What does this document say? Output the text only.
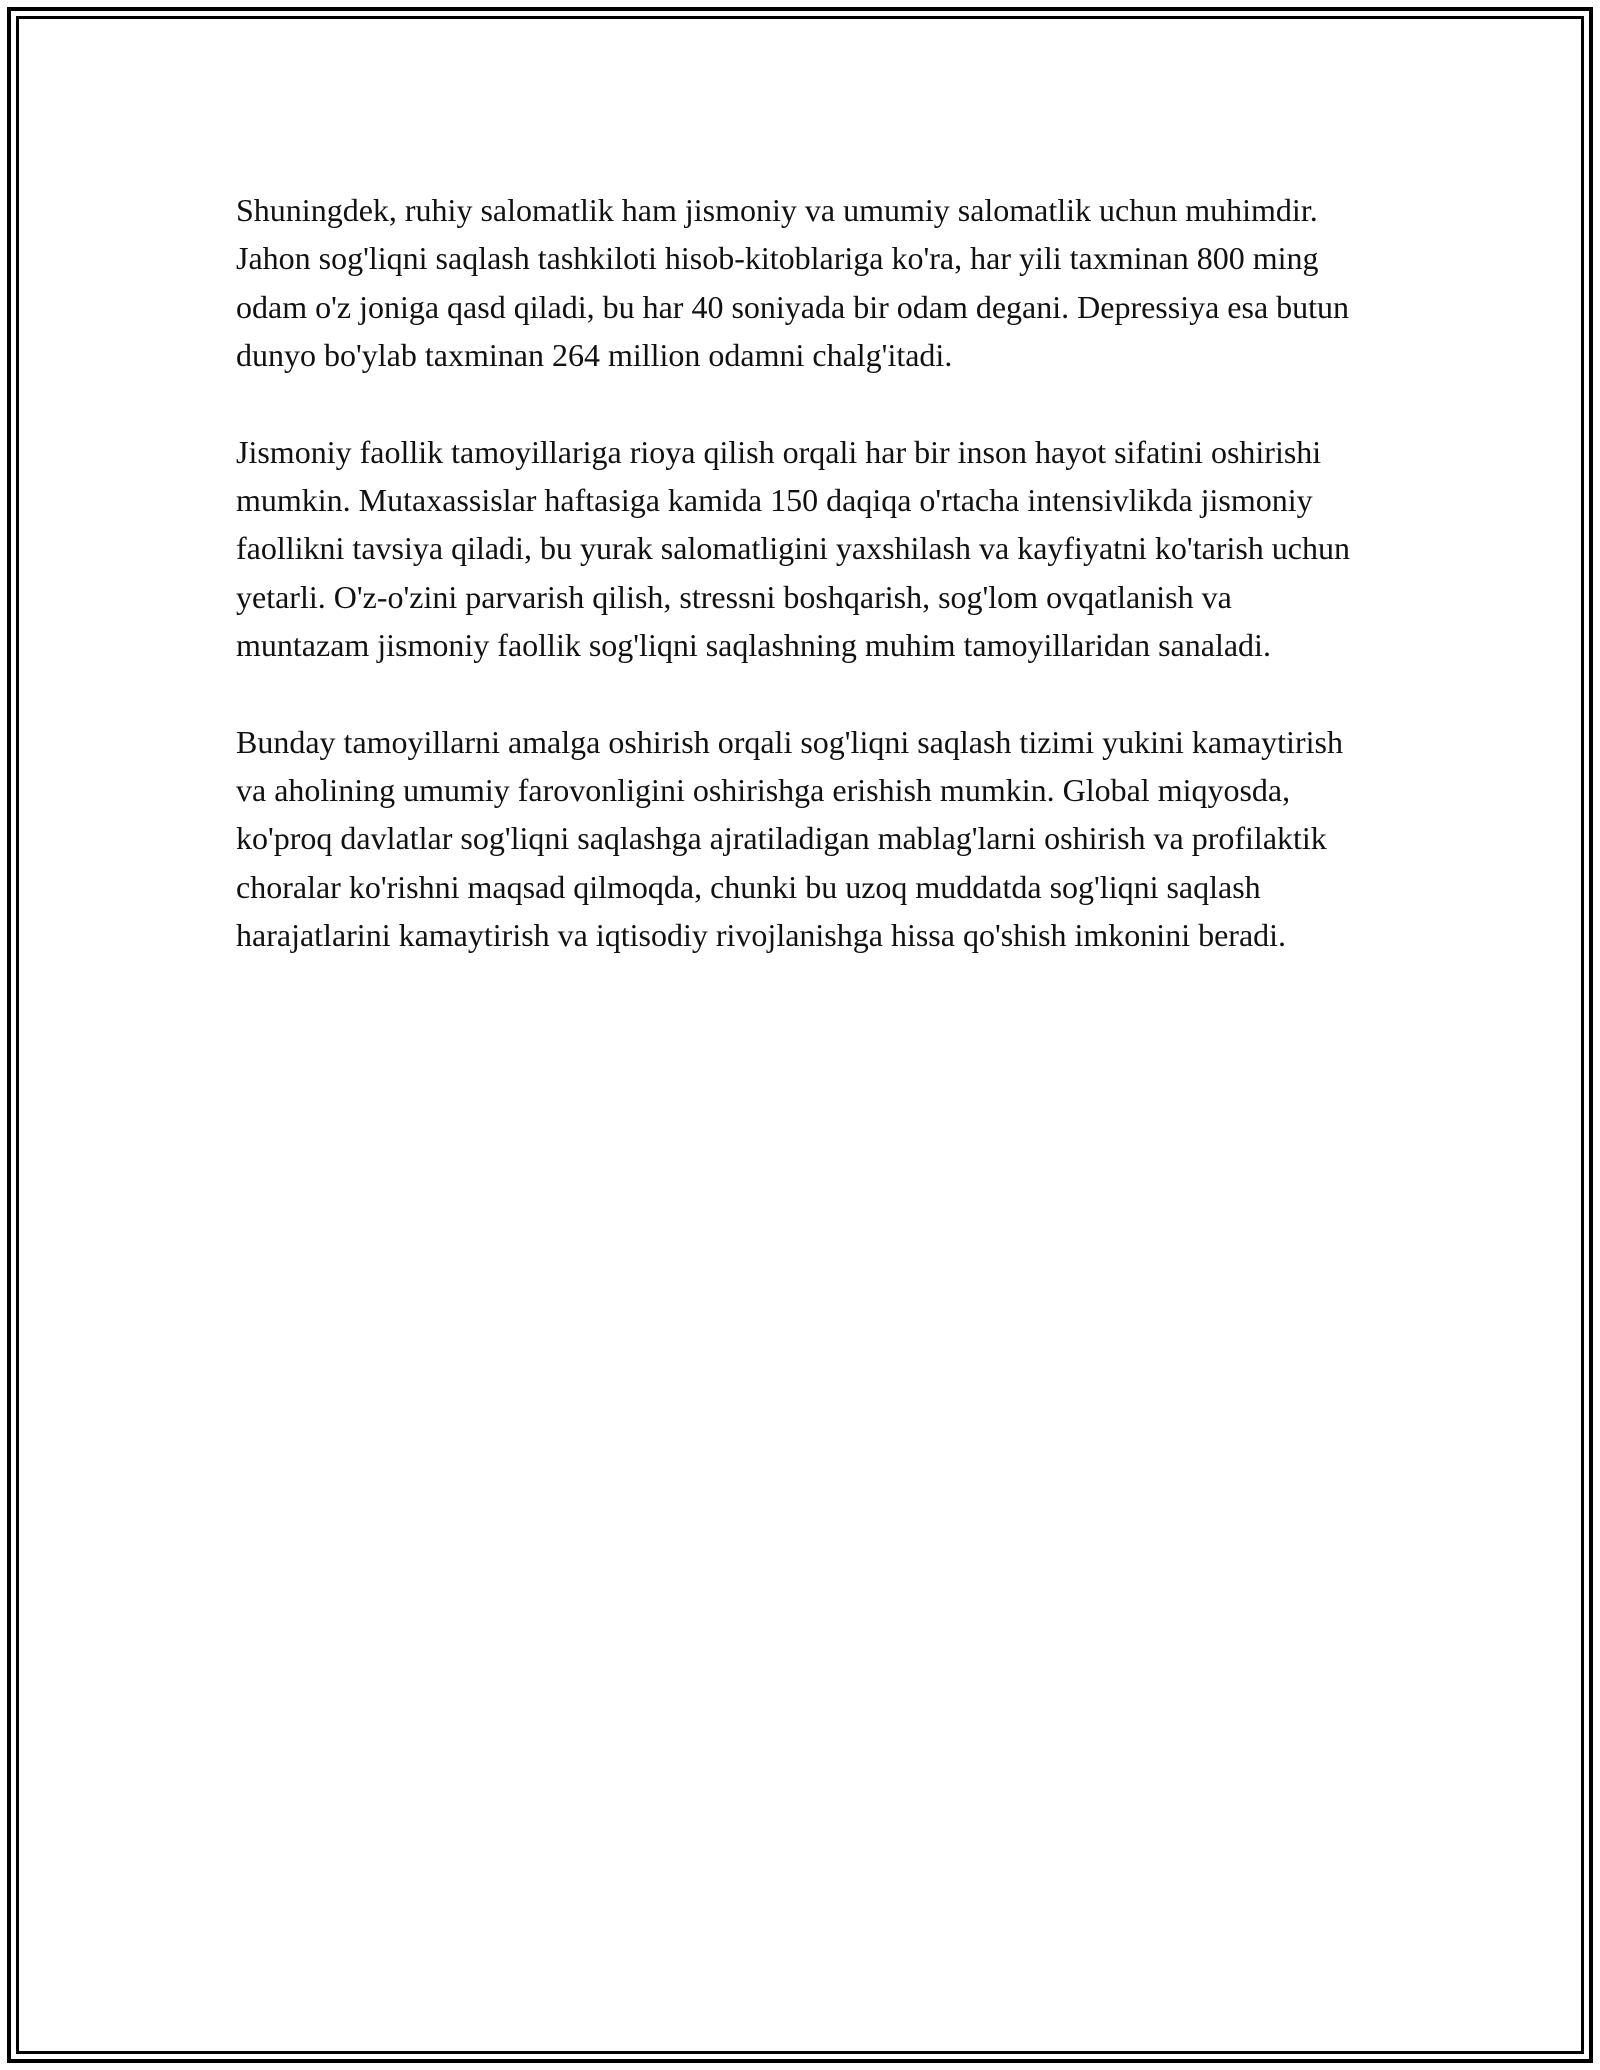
Shuningdek, ruhiy salomatlik ham jismoniy va umumiy salomatlik uchun muhimdir. Jahon sog'liqni saqlash tashkiloti hisob-kitoblariga ko'ra, har yili taxminan 800 ming odam o'z joniga qasd qiladi, bu har 40 soniyada bir odam degani. Depressiya esa butun dunyo bo'ylab taxminan 264 million odamni chalg'itadi.

Jismoniy faollik tamoyillariga rioya qilish orqali har bir inson hayot sifatini oshirishi mumkin. Mutaxassislar haftasiga kamida 150 daqiqa o'rtacha intensivlikda jismoniy faollikni tavsiya qiladi, bu yurak salomatligini yaxshilash va kayfiyatni ko'tarish uchun yetarli. O'z-o'zini parvarish qilish, stressni boshqarish, sog'lom ovqatlanish va muntazam jismoniy faollik sog'liqni saqlashning muhim tamoyillaridan sanaladi.

Bunday tamoyillarni amalga oshirish orqali sog'liqni saqlash tizimi yukini kamaytirish va aholining umumiy farovonligini oshirishga erishish mumkin. Global miqyosda, ko'proq davlatlar sog'liqni saqlashga ajratiladigan mablag'larni oshirish va profilaktik choralar ko'rishni maqsad qilmoqda, chunki bu uzoq muddatda sog'liqni saqlash harajatlarini kamaytirish va iqtisodiy rivojlanishga hissa qo'shish imkonini beradi.
